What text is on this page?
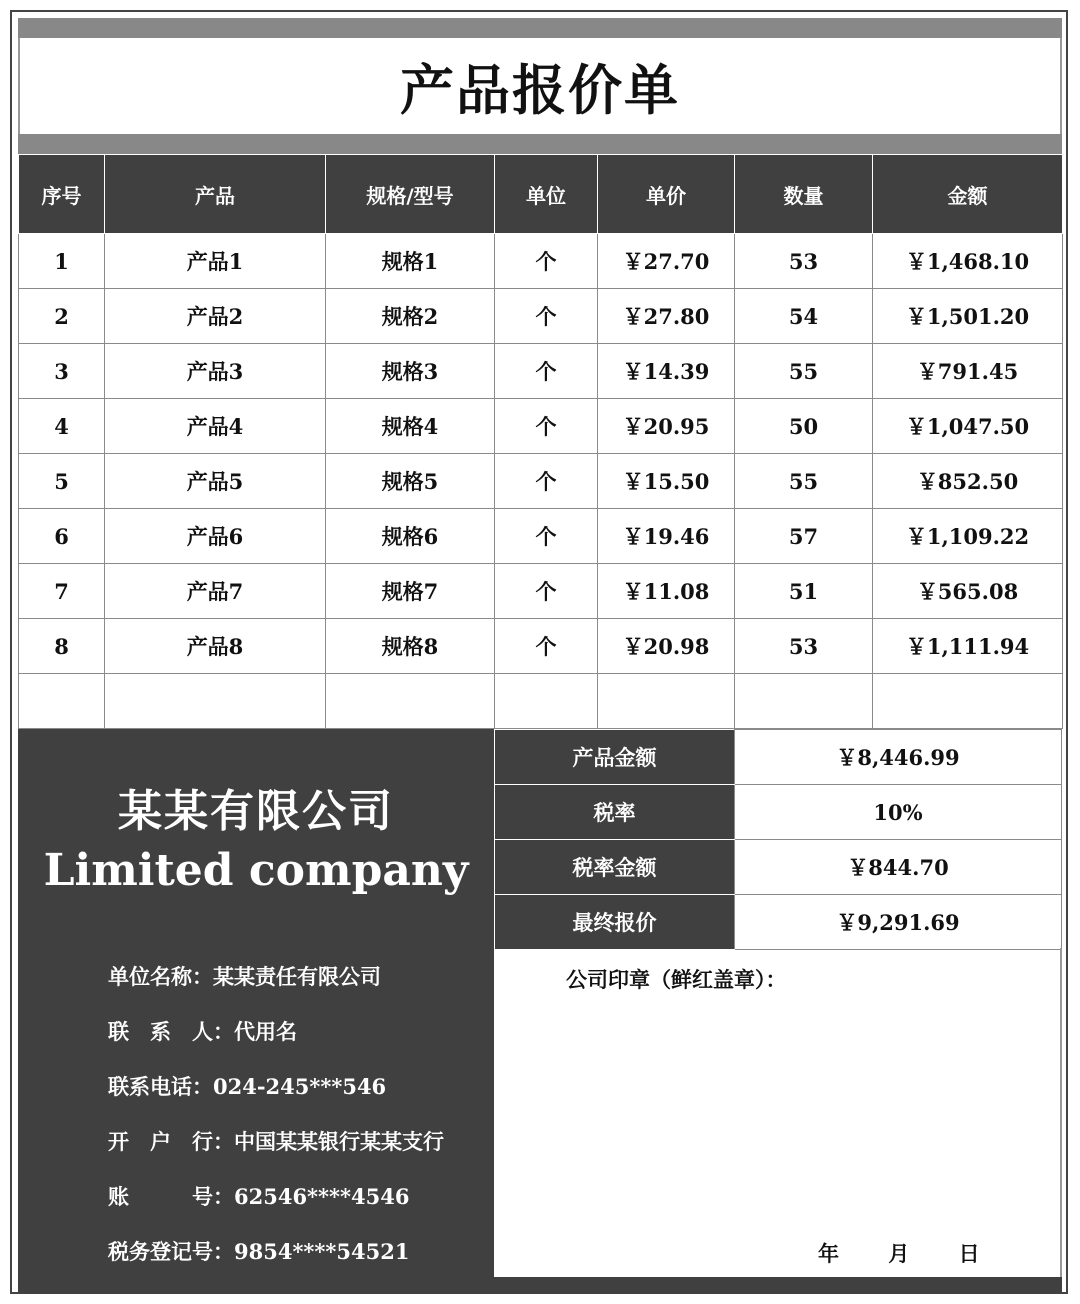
产品报价单
序号	产品	规格/型号	单位	单价	数量	金额
1	产品1	规格1	个	￥27.70	53	￥1,468.10
2	产品2	规格2	个	￥27.80	54	￥1,501.20
3	产品3	规格3	个	￥14.39	55	￥791.45
4	产品4	规格4	个	￥20.95	50	￥1,047.50
5	产品5	规格5	个	￥15.50	55	￥852.50
6	产品6	规格6	个	￥19.46	57	￥1,109.22
7	产品7	规格7	个	￥11.08	51	￥565.08
8	产品8	规格8	个	￥20.98	53	￥1,111.94

某某有限公司
Limited company
单位名称：某某责任有限公司
联　系　人：代用名
联系电话：024-245***546
开　户　行：中国某某银行某某支行
账　　　号：62546****4546
税务登记号：9854****54521
产品金额	￥8,446.99
税率	10%
税率金额	￥844.70
最终报价	￥9,291.69
公司印章（鲜红盖章）：
年 月 日
